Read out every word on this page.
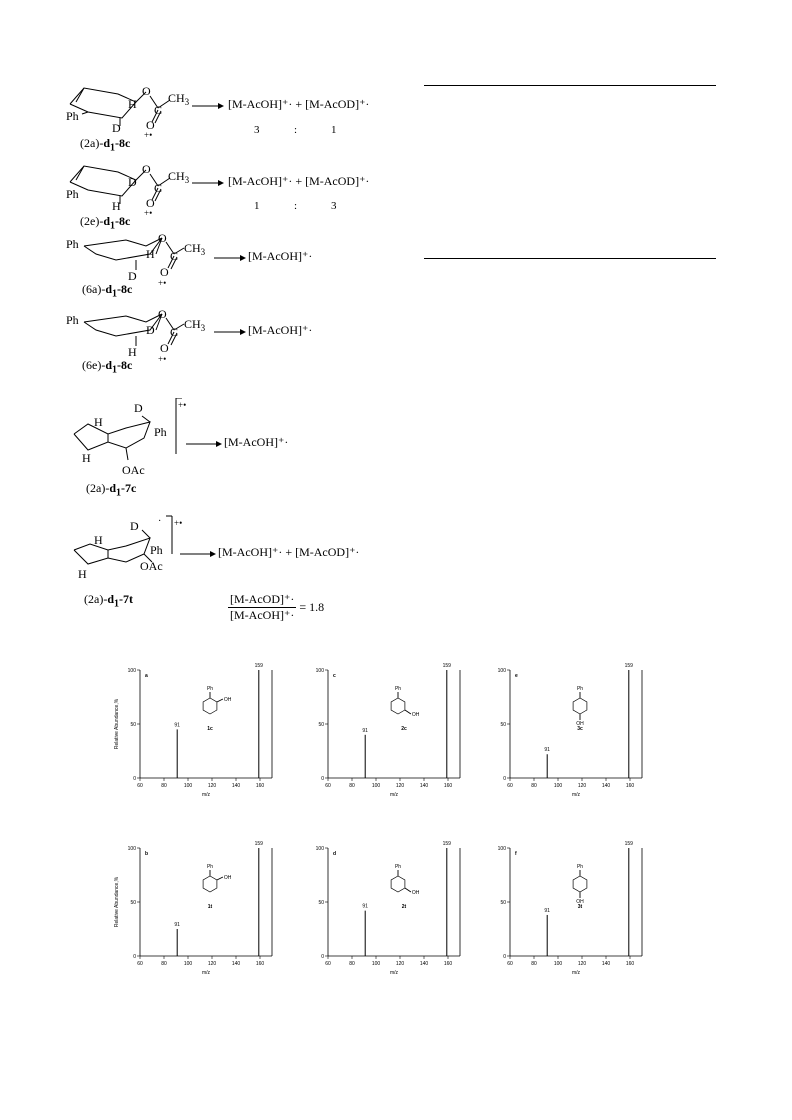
O
C
$CH_3$
O
+•
H
D
Ph
$(2a)-d_1-8c$
→ [M-AcOH]⁺· + [M-AcOD]⁺·
3	:	1
O
C
$CH_3$
O
+•
D
H
Ph
$(2e)-d_1-8c$
→ [M-AcOH]⁺· + [M-AcOD]⁺·
1	:	3
O
C
$CH_3$
O
+•
H
D
Ph
$(6a)-d_1-8c$
→ [M-AcOH]⁺·
O
C
$CH_3$
O
+•
D
H
Ph
$(6e)-d_1-8c$
→ [M-AcOH]⁺·
D
Ph
H
H
OAc
+•
$(2a)-d_1-7c$
→ [M-AcOH]⁺·
D
Ph
H
H
OAc
· +•
$(2a)-d_1-7t$
→ [M-AcOH]⁺· + [M-AcOD]⁺·
$\frac{\text{[M-AcOD]⁺·}}{\text{[M-AcOH]⁺·}} = 1.8$
0
50
100
60	80	100	120	140	160
m/z
Relative Abundance,%
a
91
159
Ph
OH
1c
0
50
100
60	80	100	120	140	160
m/z
c
91
159
Ph
OH
2c
0
50
100
60	80	100	120	140	160
m/z
e
91
159
Ph
OH
3c
0
50
100
60	80	100	120	140	160
m/z
Relative Abundance,%
b
91
159
Ph
OH
1t
0
50
100
60	80	100	120	140	160
m/z
d
91
159
Ph
OH
2t
0
50
100
60	80	100	120	140	160
m/z
f
91
159
Ph
OH
3t
